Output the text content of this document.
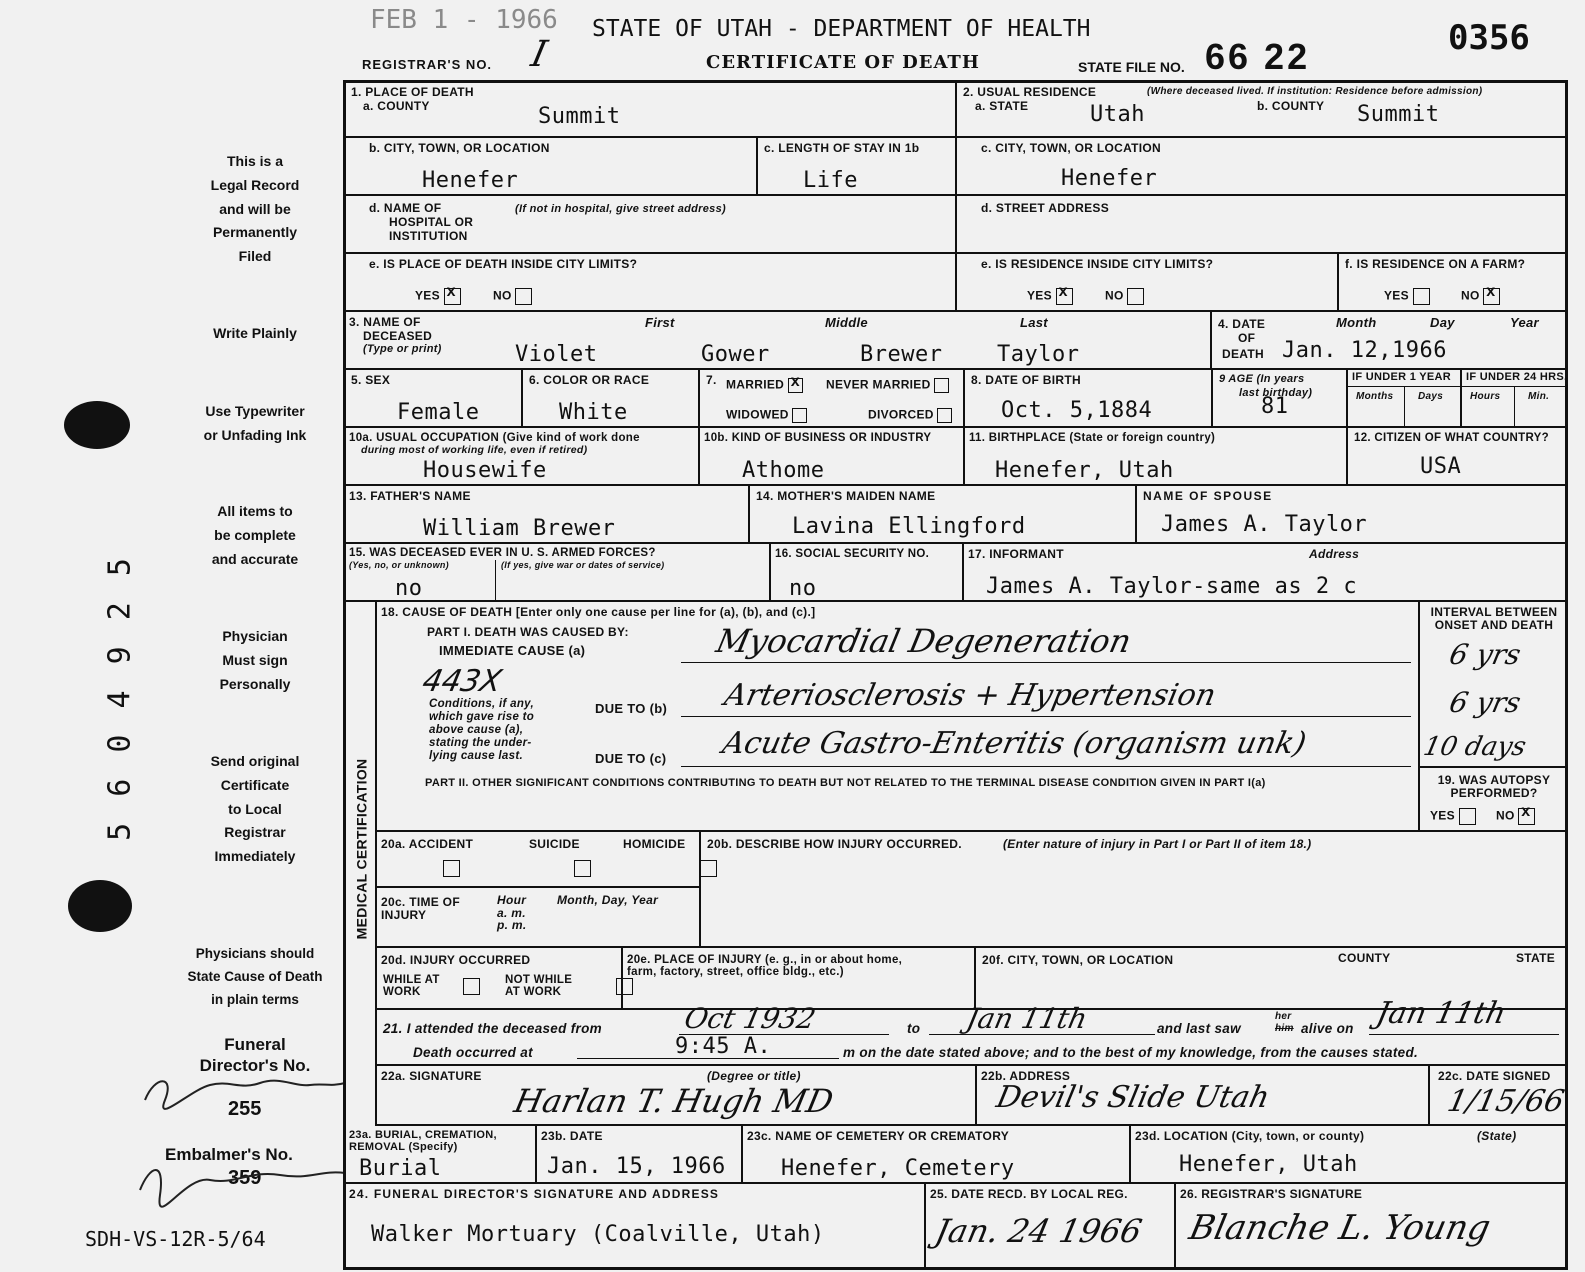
FEB 1 - 1966 STATE OF UTAH - DEPARTMENT OF HEALTH
REGISTRAR'S NO. I	CERTIFICATE OF DEATH	STATE FILE NO. 66 22	0356
This is a
Legal Record
and will be
Permanently
Filed
Write Plainly
Use Typewriter
or Unfading Ink
All items to
be complete
and accurate
Physician
Must sign
Personally
Send original
Certificate
to Local
Registrar
Immediately
Physicians should
State Cause of Death
in plain terms
Funeral
Director's No.
255
Embalmer's No.
359
SDH-VS-12R-5/64
5 6 0 4 9 2 5
1. PLACE OF DEATH
a. COUNTY	Summit
2. USUAL RESIDENCE	(Where deceased lived. If institution: Residence before admission)
a. STATE	Utah	b. COUNTY Summit
b. CITY, TOWN, OR LOCATION
Henefer
c. LENGTH OF STAY IN 1b
Life
c. CITY, TOWN, OR LOCATION
Henefer
d. NAME OF
HOSPITAL OR
INSTITUTION
(If not in hospital, give street address)	d. STREET ADDRESS
e. IS PLACE OF DEATH INSIDE CITY LIMITS?
YES x	NO
e. IS RESIDENCE INSIDE CITY LIMITS?
YES x	NO
f. IS RESIDENCE ON A FARM?
YES	NO x
3. NAME OF
DECEASED
(Type or print)
First	Middle	Last
Violet	Gower	Brewer Taylor
4. DATE
OF
DEATH
Month	Day	Year
Jan. 12,1966
5. SEX
Female
6. COLOR OR RACE
White
7. MARRIED x	NEVER MARRIED
WIDOWED	DIVORCED
8. DATE OF BIRTH
Oct. 5,1884
9 AGE (In years
last birthday)
81
IF UNDER 1 YEAR
Months Days
IF UNDER 24 HRS.
Hours	Min.
10a. USUAL OCCUPATION (Give kind of work done
during most of working life, even if retired)
Housewife
10b. KIND OF BUSINESS OR INDUSTRY
Athome
11. BIRTHPLACE (State or foreign country)
Henefer, Utah
12. CITIZEN OF WHAT COUNTRY?
USA
13. FATHER'S NAME
William Brewer
14. MOTHER'S MAIDEN NAME
Lavina Ellingford
NAME OF SPOUSE
James A. Taylor
15. WAS DECEASED EVER IN U. S. ARMED FORCES?
(Yes, no, or unknown)	(If yes, give war or dates of service)
no
16. SOCIAL SECURITY NO.
no
17. INFORMANT	Address
James A. Taylor-same as 2 c
MEDICAL CERTIFICATION
18. CAUSE OF DEATH [Enter only one cause per line for (a), (b), and (c).]
PART I. DEATH WAS CAUSED BY:
IMMEDIATE CAUSE (a)	Myocardial Degeneration
443X
Conditions, if any,
which gave rise to
above cause (a),
stating the under-
lying cause last.
DUE TO (b) Arteriosclerosis + Hypertension
DUE TO (c) Acute Gastro-Enteritis (organism unk)
PART II. OTHER SIGNIFICANT CONDITIONS CONTRIBUTING TO DEATH BUT NOT RELATED TO THE TERMINAL DISEASE CONDITION GIVEN IN PART I(a)
INTERVAL BETWEEN
ONSET AND DEATH
6 yrs
6 yrs
10 days
19. WAS AUTOPSY
PERFORMED?
YES	NO x
20a. ACCIDENT	SUICIDE	HOMICIDE
20b. DESCRIBE HOW INJURY OCCURRED.	(Enter nature of injury in Part I or Part II of item 18.)
20c. TIME OF
INJURY
Hour
a. m.
p. m.
Month, Day, Year
20d. INJURY OCCURRED
WHILE AT
WORK

NOT WHILE
AT WORK
20e. PLACE OF INJURY (e. g., in or about home,
farm, factory, street, office bldg., etc.)
20f. CITY, TOWN, OR LOCATION	COUNTY	STATE
21. I attended the deceased from	Oct 1932	to Jan 11th	and last saw
her
him alive on Jan 11th
Death occurred at	9:45 A.	m on the date stated above; and to the best of my knowledge, from the causes stated.
22a. SIGNATURE	(Degree or title)
Harlan T. Hugh MD
22b. ADDRESS
Devil's Slide Utah
22c. DATE SIGNED
1/15/66
23a. BURIAL, CREMATION,
REMOVAL (Specify)
Burial
23b. DATE
Jan. 15, 1966
23c. NAME OF CEMETERY OR CREMATORY
Henefer, Cemetery
23d. LOCATION (City, town, or county)	(State)
Henefer, Utah
24. FUNERAL DIRECTOR'S SIGNATURE AND ADDRESS
Walker Mortuary (Coalville, Utah)
25. DATE RECD. BY LOCAL REG.
Jan. 24 1966
26. REGISTRAR'S SIGNATURE
Blanche L. Young
